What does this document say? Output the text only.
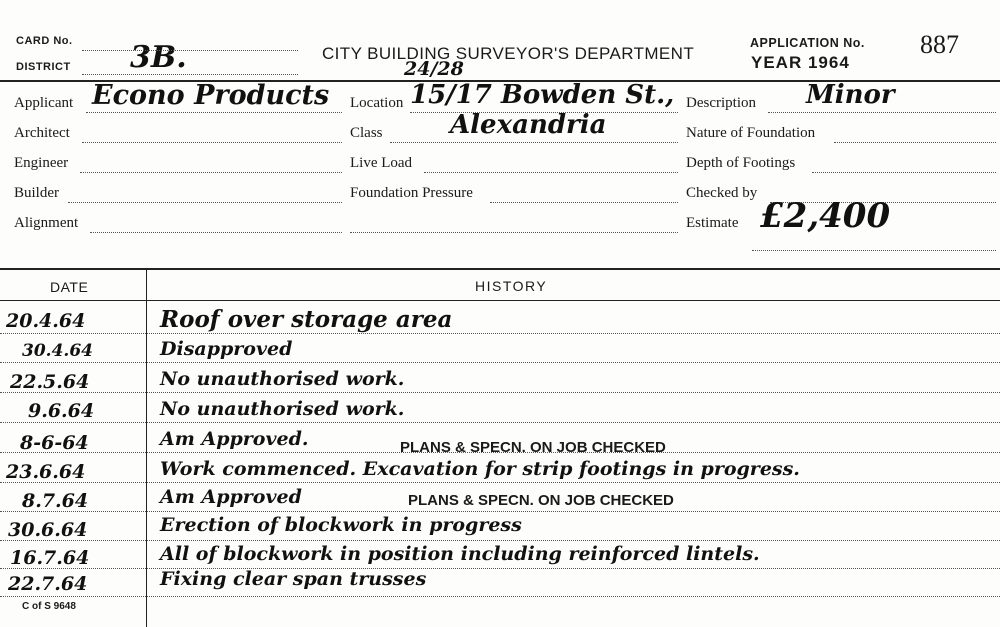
CARD No.
DISTRICT 3B.	CITY BUILDING SURVEYOR'S DEPARTMENT
24/28
APPLICATION No. 887
YEAR 1964
Applicant Econo Products
Architect
Engineer
Builder
Alignment
Location 15/17 Bowden St.,
Class	Alexandria
Live Load
Foundation Pressure
Description Minor
Nature of Foundation
Depth of Footings
Checked by
Estimate £2,400
DATE	HISTORY
20.4.64	Roof over storage area
30.4.64	Disapproved
22.5.64	No unauthorised work.
9.6.64	No unauthorised work.
8-6-64	Am Approved.	PLANS & SPECN. ON JOB CHECKED
23.6.64	Work commenced. Excavation for strip footings in progress.
8.7.64	Am Approved	PLANS & SPECN. ON JOB CHECKED
30.6.64	Erection of blockwork in progress
16.7.64	All of blockwork in position including reinforced lintels.
22.7.64	Fixing clear span trusses
C of S 9648
